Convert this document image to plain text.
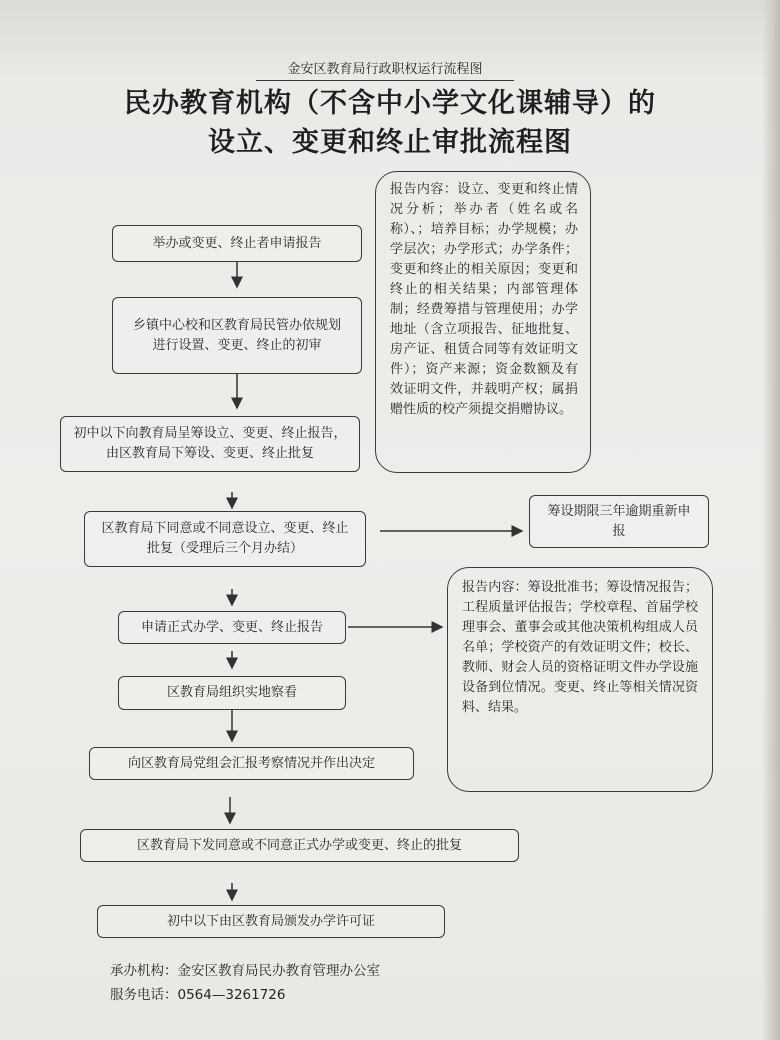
金安区教育局行政职权运行流程图
民办教育机构（不含中小学文化课辅导）的
设立、变更和终止审批流程图
举办或变更、终止者申请报告
乡镇中心校和区教育局民管办依规划进行设置、变更、终止的初审
初中以下向教育局呈筹设立、变更、终止报告，由区教育局下筹设、变更、终止批复
区教育局下同意或不同意设立、变更、终止批复（受理后三个月办结）
申请正式办学、变更、终止报告
区教育局组织实地察看
向区教育局党组会汇报考察情况并作出决定
区教育局下发同意或不同意正式办学或变更、终止的批复
初中以下由区教育局颁发办学许可证
筹设期限三年逾期重新申报
报告内容：设立、变更和终止情况分析；举办者（姓名或名称）、；培养目标；办学规模；办学层次；办学形式；办学条件；变更和终止的相关原因；变更和终止的相关结果；内部管理体制；经费筹措与管理使用；办学地址（含立项报告、征地批复、房产证、租赁合同等有效证明文件）；资产来源；资金数额及有效证明文件，并载明产权；属捐赠性质的校产须提交捐赠协议。
报告内容：筹设批准书；筹设情况报告；工程质量评估报告；学校章程、首届学校理事会、董事会或其他决策机构组成人员名单；学校资产的有效证明文件；校长、教师、财会人员的资格证明文件办学设施设备到位情况。变更、终止等相关情况资料、结果。
承办机构：金安区教育局民办教育管理办公室
服务电话：0564—3261726
